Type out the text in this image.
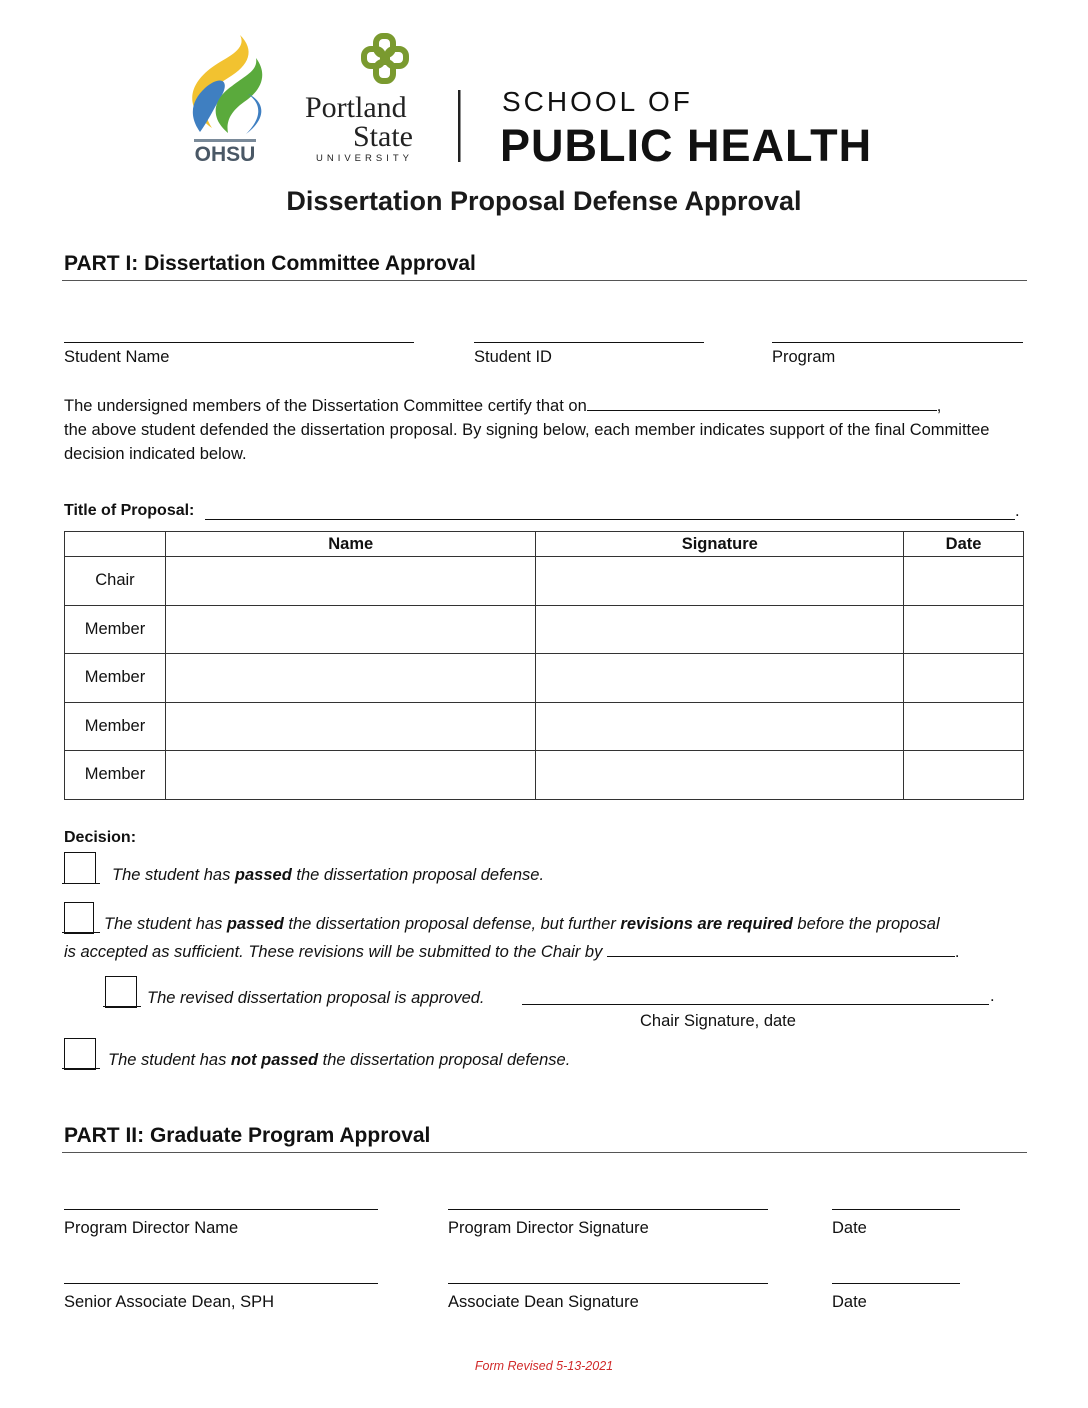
OHSU
Portland
State
UNIVERSITY
SCHOOL OF
PUBLIC HEALTH
Dissertation Proposal Defense Approval
PART I: Dissertation Committee Approval
Student Name	Student ID	Program
The undersigned members of the Dissertation Committee certify that on	,
the above student defended the dissertation proposal. By signing below, each member indicates support of the final Committee decision indicated below.
Title of Proposal:	.
	Name	Signature	Date
Chair			
Member			
Member			
Member			
Member			
Decision:
The student has passed the dissertation proposal defense.
The student has passed the dissertation proposal defense, but further revisions are required before the proposal
is accepted as sufficient. These revisions will be submitted to the Chair by	.
The revised dissertation proposal is approved.	.
Chair Signature, date
The student has not passed the dissertation proposal defense.
PART II: Graduate Program Approval
Program Director Name	Program Director Signature	Date
Senior Associate Dean, SPH	Associate Dean Signature	Date
Form Revised 5-13-2021
